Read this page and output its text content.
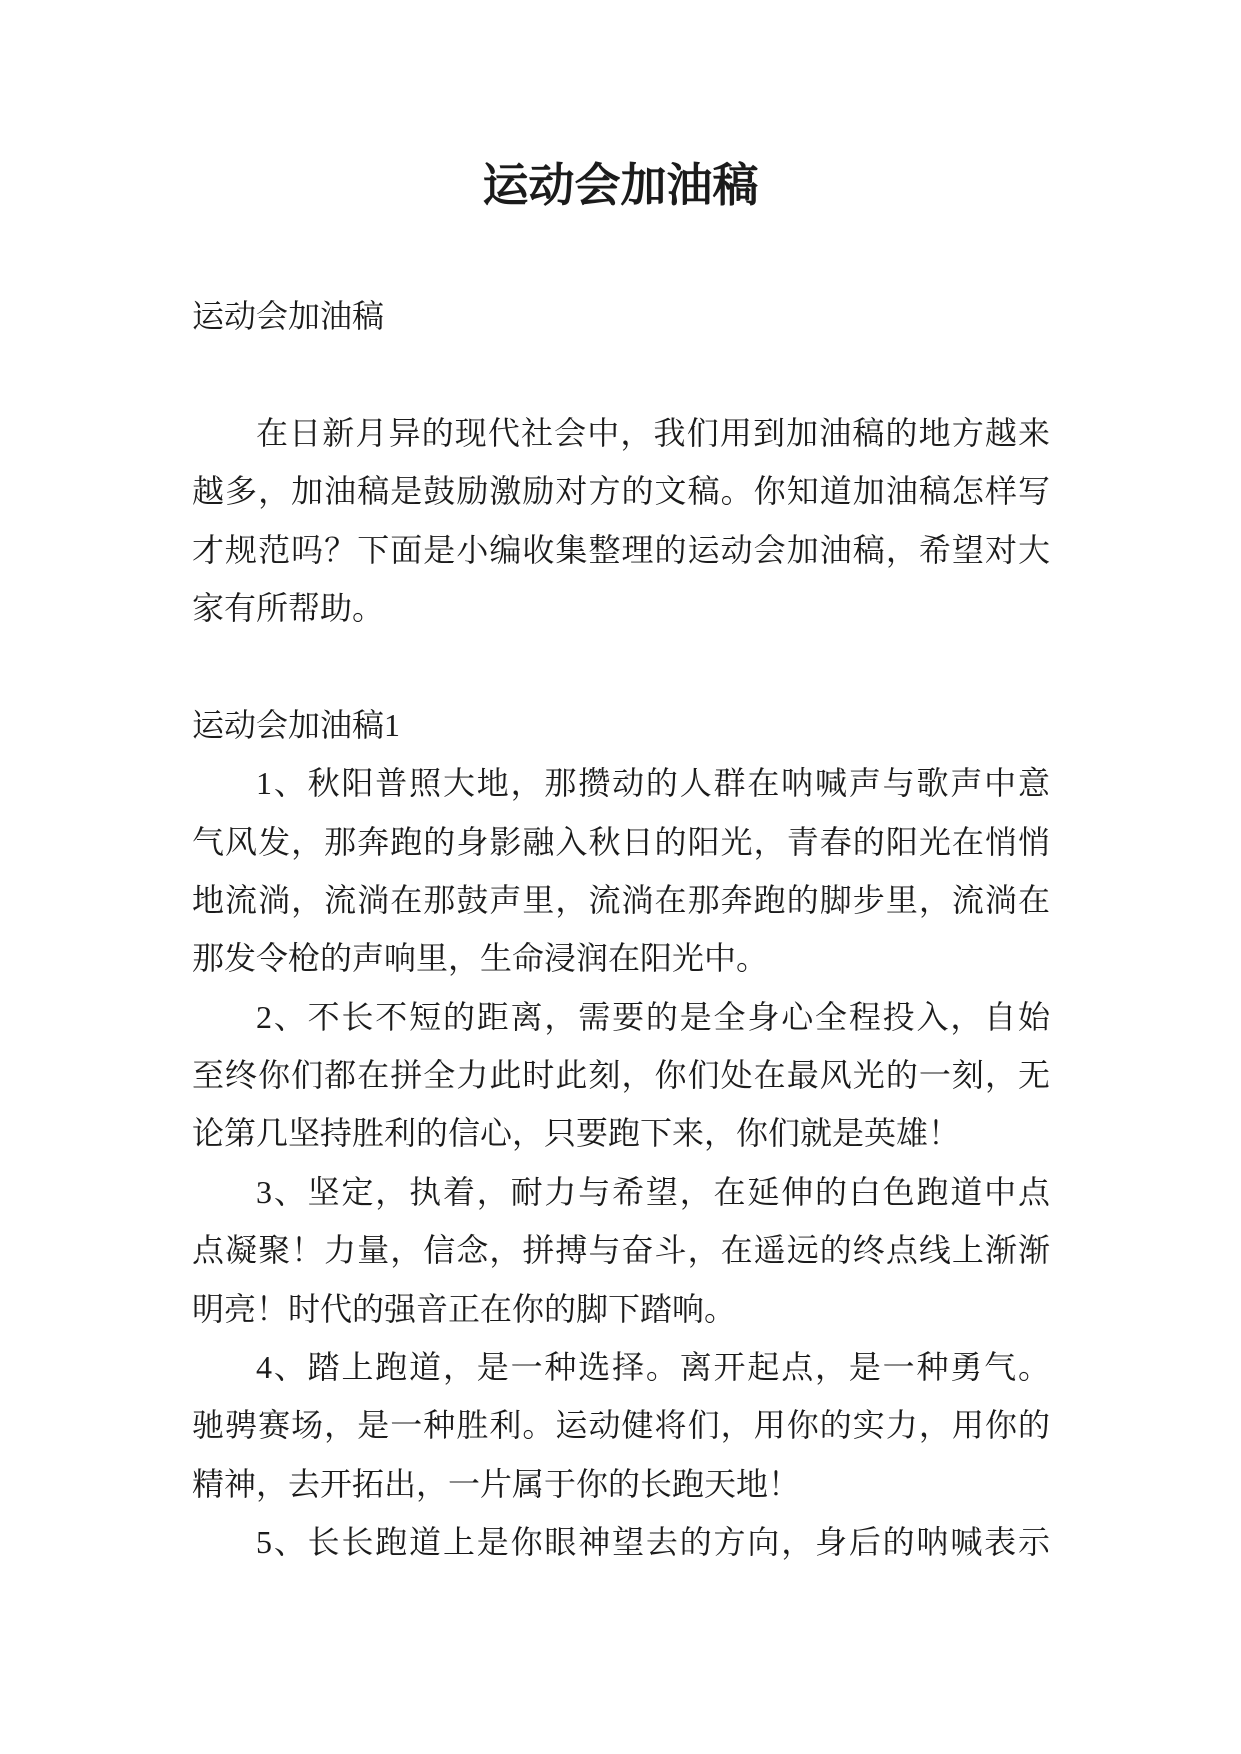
运动会加油稿
运动会加油稿
在日新月异的现代社会中，我们用到加油稿的地方越来
越多，加油稿是鼓励激励对方的文稿。你知道加油稿怎样写
才规范吗？下面是小编收集整理的运动会加油稿，希望对大
家有所帮助。
运动会加油稿1
1、秋阳普照大地，那攒动的人群在呐喊声与歌声中意
气风发，那奔跑的身影融入秋日的阳光，青春的阳光在悄悄
地流淌，流淌在那鼓声里，流淌在那奔跑的脚步里，流淌在
那发令枪的声响里，生命浸润在阳光中。
2、不长不短的距离，需要的是全身心全程投入，自始
至终你们都在拼全力此时此刻，你们处在最风光的一刻，无
论第几坚持胜利的信心，只要跑下来，你们就是英雄！
3、坚定，执着，耐力与希望，在延伸的白色跑道中点
点凝聚！力量，信念，拼搏与奋斗，在遥远的终点线上渐渐
明亮！时代的强音正在你的脚下踏响。
4、踏上跑道，是一种选择。离开起点，是一种勇气。
驰骋赛场，是一种胜利。运动健将们，用你的实力，用你的
精神，去开拓出，一片属于你的长跑天地！
5、长长跑道上是你眼神望去的方向，身后的呐喊表示
